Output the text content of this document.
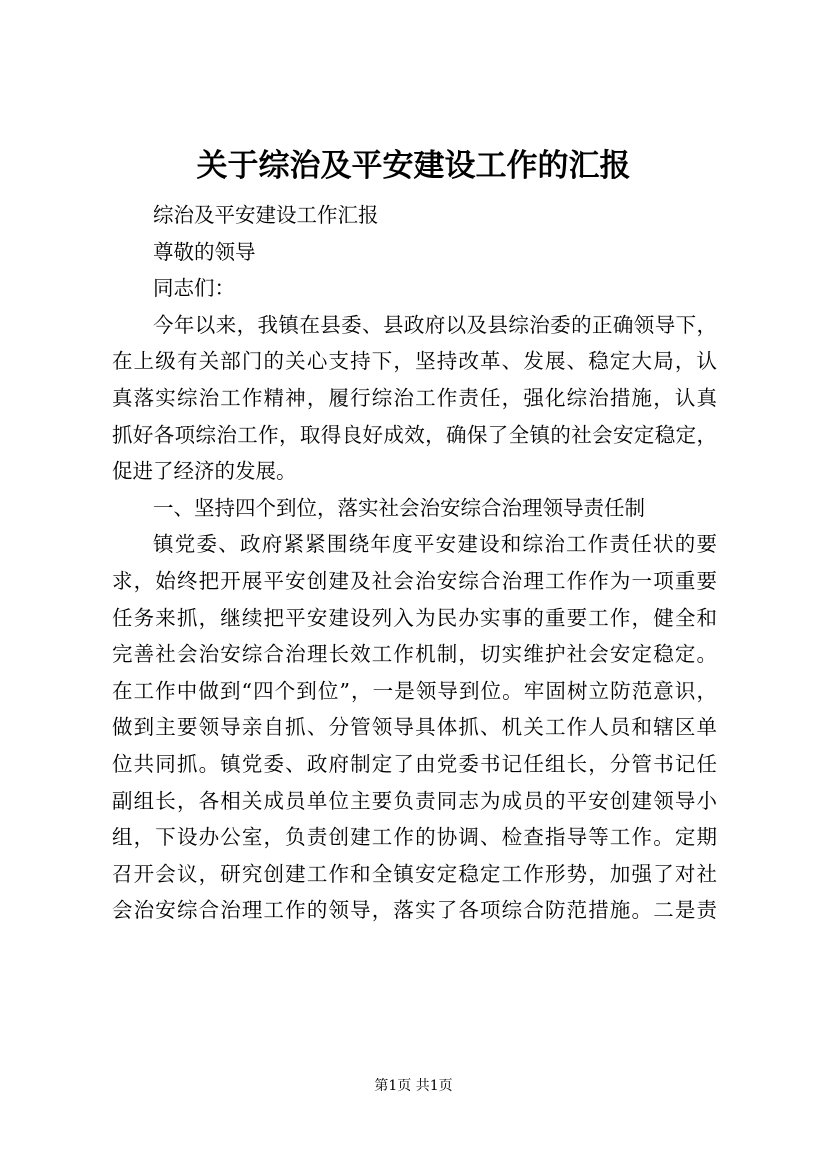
关于综治及平安建设工作的汇报
综治及平安建设工作汇报
尊敬的领导
同志们：
今年以来，我镇在县委、县政府以及县综治委的正确领导下，
在上级有关部门的关心支持下，坚持改革、发展、稳定大局，认
真落实综治工作精神，履行综治工作责任，强化综治措施，认真
抓好各项综治工作，取得良好成效，确保了全镇的社会安定稳定，
促进了经济的发展。
一、坚持四个到位，落实社会治安综合治理领导责任制
镇党委、政府紧紧围绕年度平安建设和综治工作责任状的要
求，始终把开展平安创建及社会治安综合治理工作作为一项重要
任务来抓，继续把平安建设列入为民办实事的重要工作，健全和
完善社会治安综合治理长效工作机制，切实维护社会安定稳定。
在工作中做到“四个到位”，一是领导到位。牢固树立防范意识，
做到主要领导亲自抓、分管领导具体抓、机关工作人员和辖区单
位共同抓。镇党委、政府制定了由党委书记任组长，分管书记任
副组长，各相关成员单位主要负责同志为成员的平安创建领导小
组，下设办公室，负责创建工作的协调、检查指导等工作。定期
召开会议，研究创建工作和全镇安定稳定工作形势，加强了对社
会治安综合治理工作的领导，落实了各项综合防范措施。二是责
第1页 共1页
